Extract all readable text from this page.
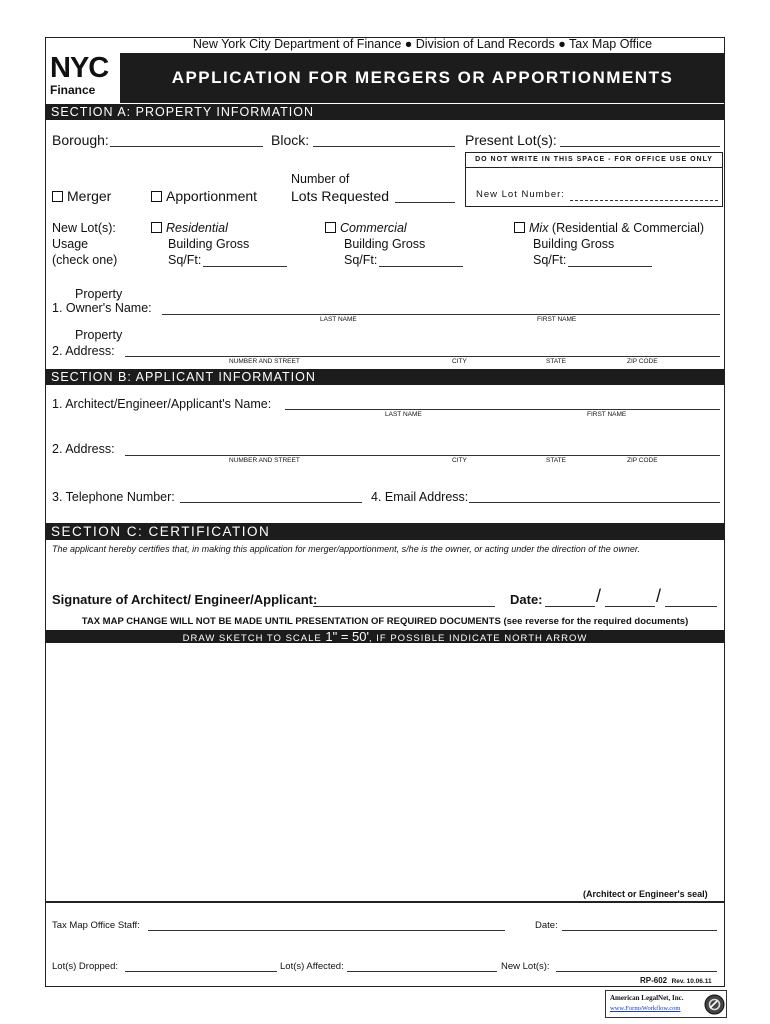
New York City Department of Finance ● Division of Land Records ● Tax Map Office
NYC
Finance
APPLICATION FOR MERGERS OR APPORTIONMENTS
SECTION A: PROPERTY INFORMATION
Borough:	Block:	Present Lot(s):
DO NOT WRITE IN THIS SPACE - FOR OFFICE USE ONLY
New Lot Number:
Merger	Apportionment
Number of
Lots Requested
New Lot(s):
Usage
(check one)
Residential
Building Gross
Sq/Ft:
Commercial
Building Gross
Sq/Ft:
Mix (Residential & Commercial)
Building Gross
Sq/Ft:
Property
1. Owner's Name:
LAST NAME	FIRST NAME
Property
2. Address:
NUMBER AND STREET	CITY	STATE	ZIP CODE
SECTION B: APPLICANT INFORMATION
1. Architect/Engineer/Applicant's Name:
LAST NAME	FIRST NAME
2. Address:
NUMBER AND STREET	CITY	STATE	ZIP CODE
3. Telephone Number:	4. Email Address:
SECTION C: CERTIFICATION
The applicant hereby certifies that, in making this application for merger/apportionment, s/he is the owner, or acting under the direction of the owner.
Signature of Architect/ Engineer/Applicant:	Date:	/	/
TAX MAP CHANGE WILL NOT BE MADE UNTIL PRESENTATION OF REQUIRED DOCUMENTS (see reverse for the required documents)
DRAW SKETCH TO SCALE 1" = 50', IF POSSIBLE INDICATE NORTH ARROW
(Architect or Engineer's seal)
Tax Map Office Staff:	Date:
Lot(s) Dropped:	Lot(s) Affected:	New Lot(s):
RP-602 Rev. 10.06.11
American LegalNet, Inc.
www.FormsWorkflow.com
